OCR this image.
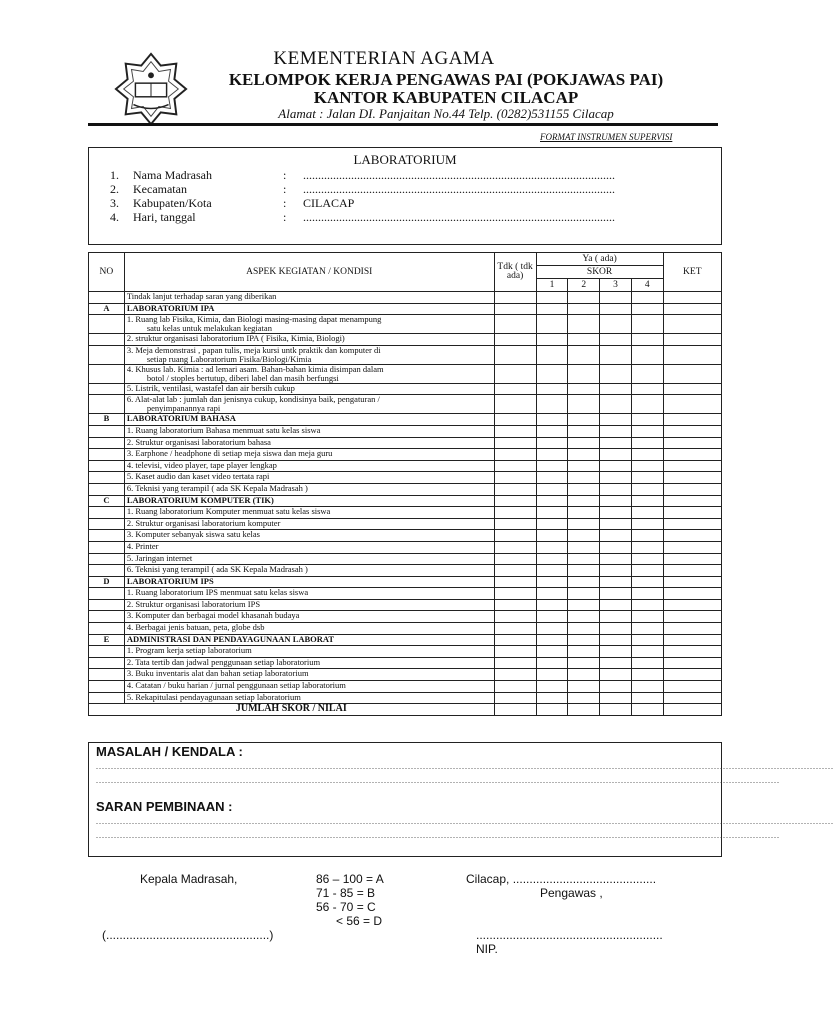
KEMENTERIAN AGAMA
KELOMPOK KERJA PENGAWAS PAI (POKJAWAS PAI)
KANTOR KABUPATEN CILACAP
Alamat : Jalan DI. Panjaitan No.44 Telp. (0282)531155 Cilacap
FORMAT INSTRUMEN SUPERVISI
LABORATORIUM
1. Nama Madrasah	: ........................................................................................................
2. Kecamatan	: ........................................................................................................
3. Kabupaten/Kota	: CILACAP
4. Hari, tanggal	: ........................................................................................................
NO	ASPEK KEGIATAN / KONDISI	Tdk ( tdk ada)	Ya ( ada)				KET
			SKOR				
			1	2	3	4	
	Tindak lanjut terhadap saran yang diberikan						
A	LABORATORIUM IPA						

	1. Ruang lab Fisika, Kimia, dan Biologi masing-masing dapat menampung
satu kelas untuk melakukan kegiatan						

	2. struktur organisasi laboratorium IPA ( Fisika, Kimia, Biologi)						

	3. Meja demonstrasi , papan tulis, meja kursi untk praktik dan komputer di
setiap ruang Laboratorium Fisika/Biologi/Kimia						

	4. Khusus lab. Kimia : ad lemari asam. Bahan-bahan kimia disimpan dalam
botol / stoples bertutup, diberi label dan masih berfungsi						

	5. Listrik, ventilasi, wastafel dan air bersih cukup						

	6. Alat-alat lab : jumlah dan jenisnya cukup, kondisinya baik, pengaturan /
penyimpanannya rapi						

B	LABORATORIUM BAHASA						

	1. Ruang laboratorium Bahasa menmuat satu kelas siswa						

	2. Struktur organisasi laboratorium bahasa						

	3. Earphone / headphone di setiap meja siswa dan meja guru						

	4. televisi, video player, tape player lengkap						

	5. Kaset audio dan kaset video tertata rapi						

	6. Teknisi yang terampil ( ada SK Kepala Madrasah )						

C	LABORATORIUM KOMPUTER (TIK)						

	1. Ruang laboratorium Komputer menmuat satu kelas siswa						

	2. Struktur organisasi laboratorium komputer						

	3. Komputer sebanyak siswa satu kelas						

	4. Printer						

	5. Jaringan internet						

	6. Teknisi yang terampil ( ada SK Kepala Madrasah )						

D	LABORATORIUM IPS						

	1. Ruang laboratorium IPS menmuat satu kelas siswa						

	2. Struktur organisasi laboratorium IPS						

	3. Komputer dan berbagai model khasanah budaya						

	4. Berbagai jenis batuan, peta, globe dsb						

E	ADMINISTRASI DAN PENDAYAGUNAAN LABORAT						

	1. Program kerja setiap laboratorium						

	2. Tata tertib dan jadwal penggunaan setiap laboratorium						

	3. Buku inventaris alat dan bahan setiap laboratorium						

	4. Catatan / buku harian / jurnal penggunaan setiap laboratorium						

	5. Rekapitulasi pendayagunaan setiap laboratorium						

JUMLAH SKOR / NILAI							
MASALAH / KENDALA :
......................................................................................................................................................................................................................................................
....................................................................................................................................................................................................................................
SARAN PEMBINAAN :
......................................................................................................................................................................................................................................................
....................................................................................................................................................................................................................................
Kepala Madrasah,	86 – 100 = A
71 - 85 = B
56 - 70 = C
< 56 = D
Cilacap, ...........................................
Pengawas ,
(.................................................)	........................................................
NIP.
